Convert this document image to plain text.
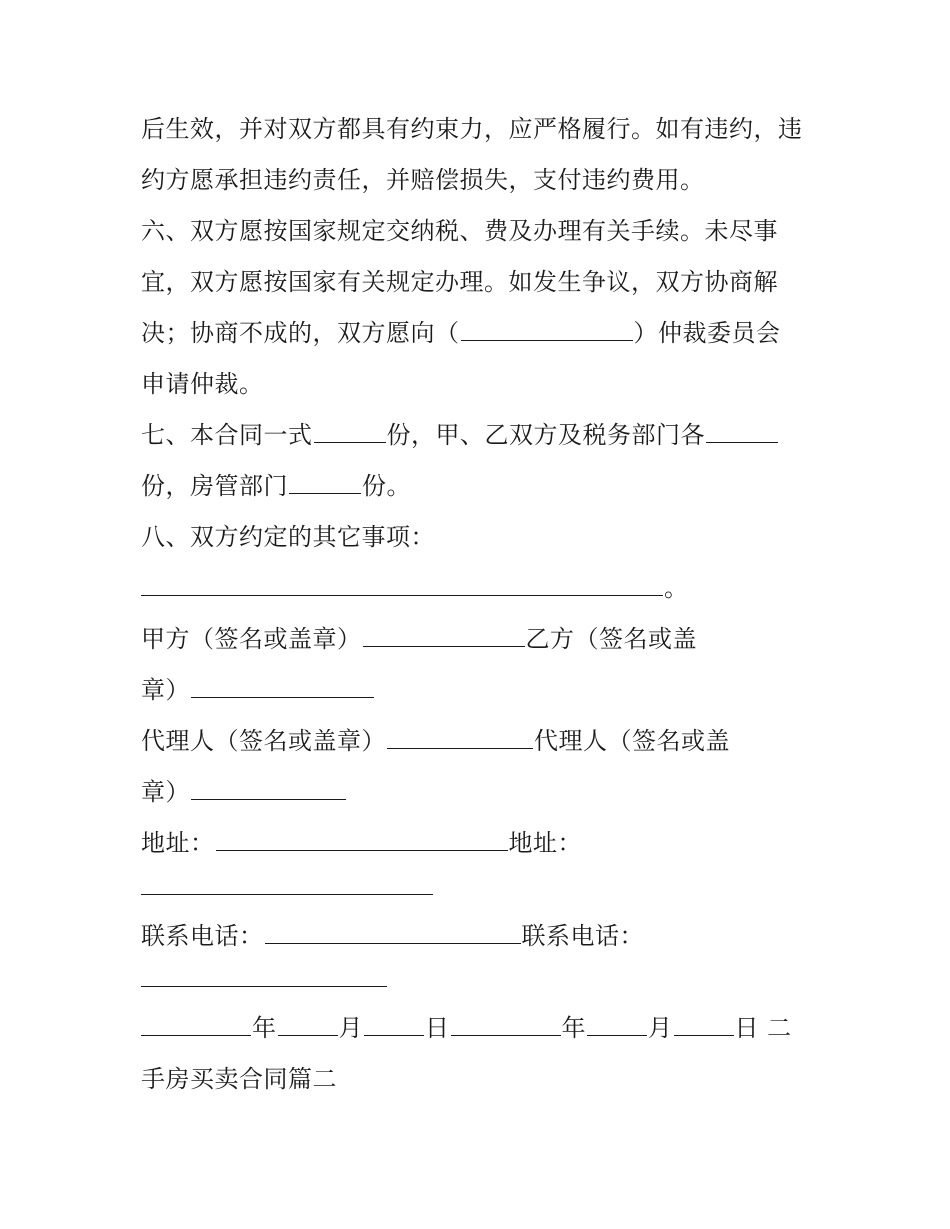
后生效，并对双方都具有约束力，应严格履行。如有违约，违
约方愿承担违约责任，并赔偿损失，支付违约费用。
六、双方愿按国家规定交纳税、费及办理有关手续。未尽事
宜，双方愿按国家有关规定办理。如发生争议，双方协商解
决；协商不成的，双方愿向（	）仲裁委员会
申请仲裁。
七、本合同一式	份，甲、乙双方及税务部门各
份，房管部门	份。
八、双方约定的其它事项：
。
甲方（签名或盖章）	乙方（签名或盖
章）
代理人（签名或盖章）	代理人（签名或盖
章）
地址：	地址：
联系电话：	联系电话：
年	月	日	年	月	日 二
手房买卖合同篇二
